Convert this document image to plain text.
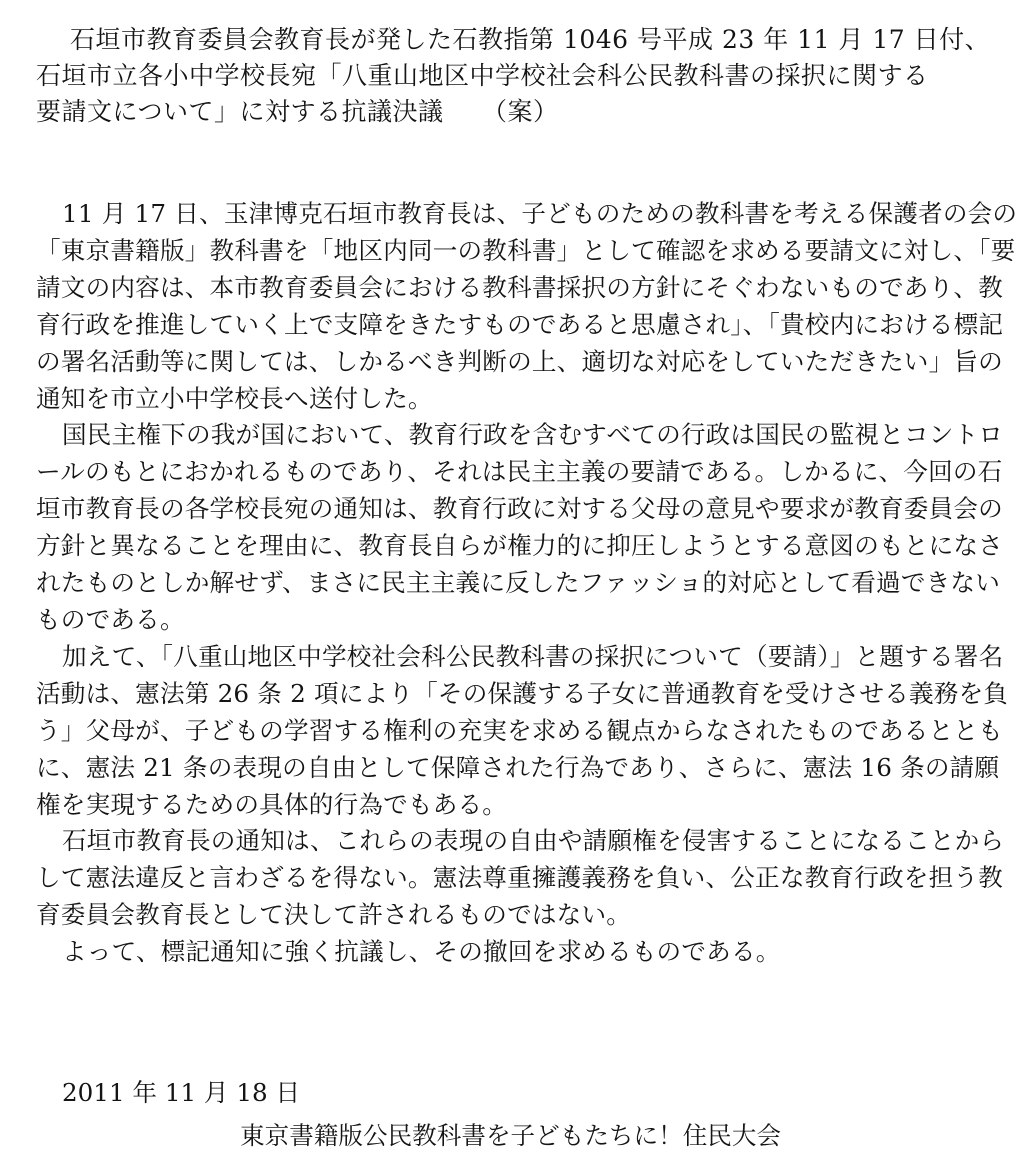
石垣市教育委員会教育長が発した石教指第 1046 号平成 23 年 11 月 17 日付、
石垣市立各小中学校長宛「八重山地区中学校社会科公民教科書の採択に関する
要請文について」に対する抗議決議　　（案）
11 月 17 日、玉津博克石垣市教育長は、子どものための教科書を考える保護者の会の
「東京書籍版」教科書を「地区内同一の教科書」として確認を求める要請文に対し、「要
請文の内容は、本市教育委員会における教科書採択の方針にそぐわないものであり、教
育行政を推進していく上で支障をきたすものであると思慮され」、「貴校内における標記
の署名活動等に関しては、しかるべき判断の上、適切な対応をしていただきたい」旨の
通知を市立小中学校長へ送付した。
国民主権下の我が国において、教育行政を含むすべての行政は国民の監視とコントロ
ールのもとにおかれるものであり、それは民主主義の要請である。しかるに、今回の石
垣市教育長の各学校長宛の通知は、教育行政に対する父母の意見や要求が教育委員会の
方針と異なることを理由に、教育長自らが権力的に抑圧しようとする意図のもとになさ
れたものとしか解せず、まさに民主主義に反したファッショ的対応として看過できない
ものである。
加えて、「八重山地区中学校社会科公民教科書の採択について（要請）」と題する署名
活動は、憲法第 26 条 2 項により「その保護する子女に普通教育を受けさせる義務を負
う」父母が、子どもの学習する権利の充実を求める観点からなされたものであるととも
に、憲法 21 条の表現の自由として保障された行為であり、さらに、憲法 16 条の請願
権を実現するための具体的行為でもある。
石垣市教育長の通知は、これらの表現の自由や請願権を侵害することになることから
して憲法違反と言わざるを得ない。憲法尊重擁護義務を負い、公正な教育行政を担う教
育委員会教育長として決して許されるものではない。
よって、標記通知に強く抗議し、その撤回を求めるものである。
2011 年 11 月 18 日
東京書籍版公民教科書を子どもたちに！住民大会
